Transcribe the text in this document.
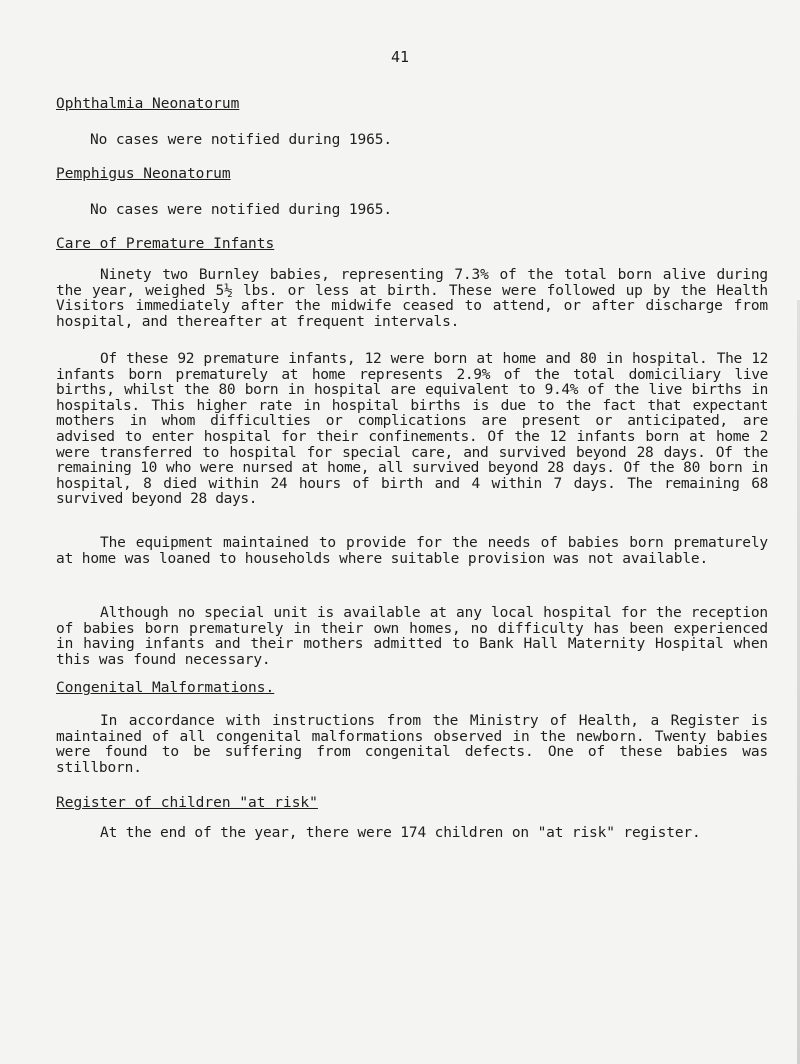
41
Ophthalmia Neonatorum
No cases were notified during 1965.
Pemphigus Neonatorum
No cases were notified during 1965.
Care of Premature Infants
Ninety two Burnley babies, representing 7.3% of the total born alive during the year, weighed 5½ lbs. or less at birth. These were followed up by the Health Visitors immediately after the midwife ceased to attend, or after discharge from hospital, and thereafter at frequent intervals.
Of these 92 premature infants, 12 were born at home and 80 in hospital. The 12 infants born prematurely at home represents 2.9% of the total domiciliary live births, whilst the 80 born in hospital are equivalent to 9.4% of the live births in hospitals. This higher rate in hospital births is due to the fact that expectant mothers in whom difficulties or complications are present or anticipated, are advised to enter hospital for their confinements. Of the 12 infants born at home 2 were transferred to hospital for special care, and survived beyond 28 days. Of the remaining 10 who were nursed at home, all survived beyond 28 days. Of the 80 born in hospital, 8 died within 24 hours of birth and 4 within 7 days. The remaining 68 survived beyond 28 days.
The equipment maintained to provide for the needs of babies born prematurely at home was loaned to households where suitable provision was not available.
Although no special unit is available at any local hospital for the reception of babies born prematurely in their own homes, no difficulty has been experienced in having infants and their mothers admitted to Bank Hall Maternity Hospital when this was found necessary.
Congenital Malformations.
In accordance with instructions from the Ministry of Health, a Register is maintained of all congenital malformations observed in the newborn. Twenty babies were found to be suffering from congenital defects. One of these babies was stillborn.
Register of children "at risk"
At the end of the year, there were 174 children on "at risk" register.
